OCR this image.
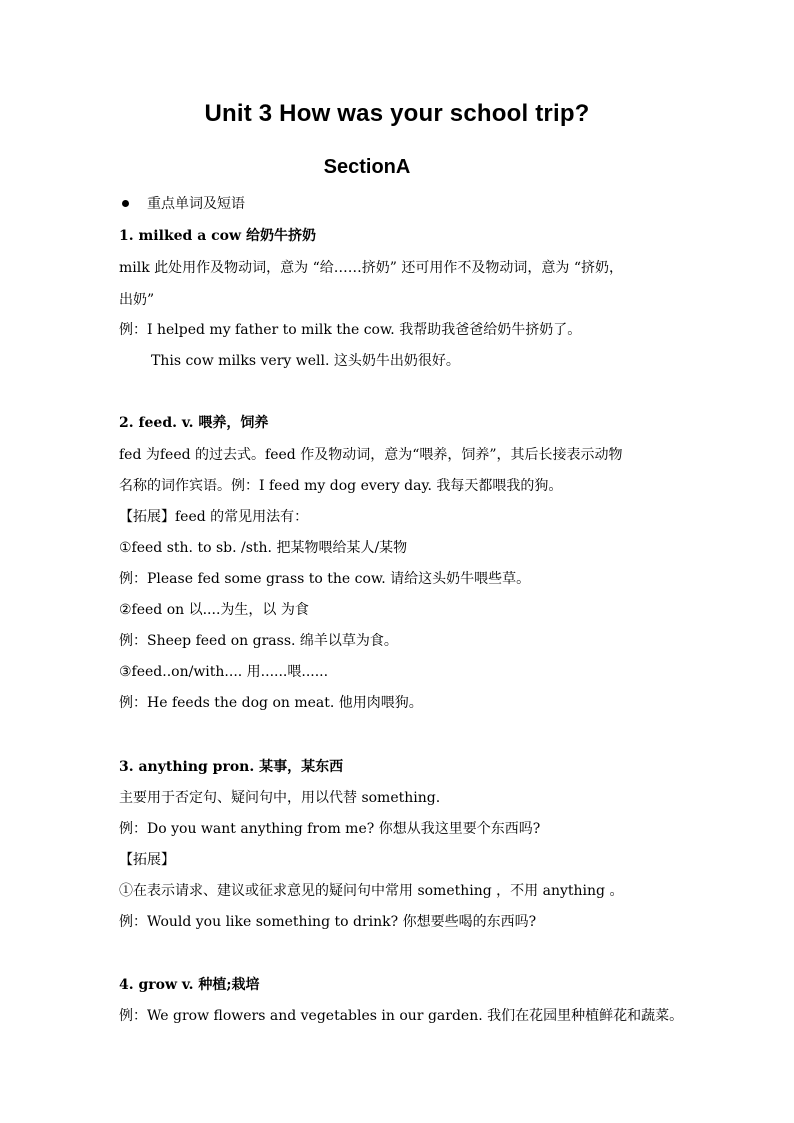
Unit 3 How was your school trip?
SectionA
重点单词及短语
1. milked a cow 给奶牛挤奶
milk 此处用作及物动词，意为 “给……挤奶” 还可用作不及物动词，意为 “挤奶，
出奶”
例：I helped my father to milk the cow. 我帮助我爸爸给奶牛挤奶了。
This cow milks very well. 这头奶牛出奶很好。
2. feed. v. 喂养，饲养
fed 为feed 的过去式。feed 作及物动词，意为“喂养，饲养”，其后长接表示动物
名称的词作宾语。例：I feed my dog every day. 我每天都喂我的狗。
【拓展】feed 的常见用法有：
①feed sth. to sb. /sth. 把某物喂给某人/某物
例：Please fed some grass to the cow. 请给这头奶牛喂些草。
②feed on 以....为生，以 为食
例：Sheep feed on grass. 绵羊以草为食。
③feed..on/with.... 用......喂......
例：He feeds the dog on meat. 他用肉喂狗。
3. anything pron. 某事，某东西
主要用于否定句、疑问句中，用以代替 something.
例：Do you want anything from me? 你想从我这里要个东西吗?
【拓展】
①在表示请求、建议或征求意见的疑问句中常用 something ，不用 anything 。
例：Would you like something to drink? 你想要些喝的东西吗?
4. grow v. 种植;栽培
例：We grow flowers and vegetables in our garden. 我们在花园里种植鲜花和蔬菜。
